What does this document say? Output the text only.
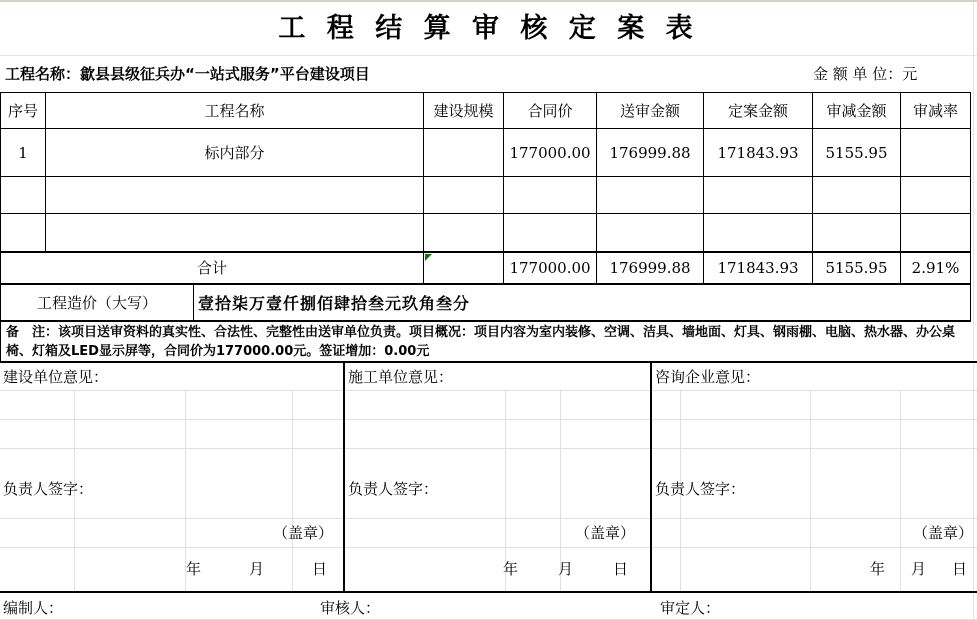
工 程 结 算 审 核 定 案 表
工程名称：歙县县级征兵办“一站式服务”平台建设项目	金 额 单 位：元
序号	工程名称	建设规模	合同价	送审金额	定案金额	审减金额	审减率
1	标内部分		177000.00	176999.88	171843.93	5155.95	

合计			177000.00	176999.88	171843.93	5155.95	2.91%
工程造价（大写）	壹拾柒万壹仟捌佰肆拾叁元玖角叁分
备　注：该项目送审资料的真实性、合法性、完整性由送审单位负责。项目概况：项目内容为室内装修、空调、洁具、墙地面、灯具、钢雨棚、电脑、热水器、办公桌椅、灯箱及LED显示屏等，合同价为177000.00元。签证增加：0.00元
建设单位意见：
负责人签字：
（盖章）
年	月	日
施工单位意见：
负责人签字：
（盖章）
年	月	日
咨询企业意见：
负责人签字：
（盖章）
年 月 日
编制人：	审核人：	审定人：
